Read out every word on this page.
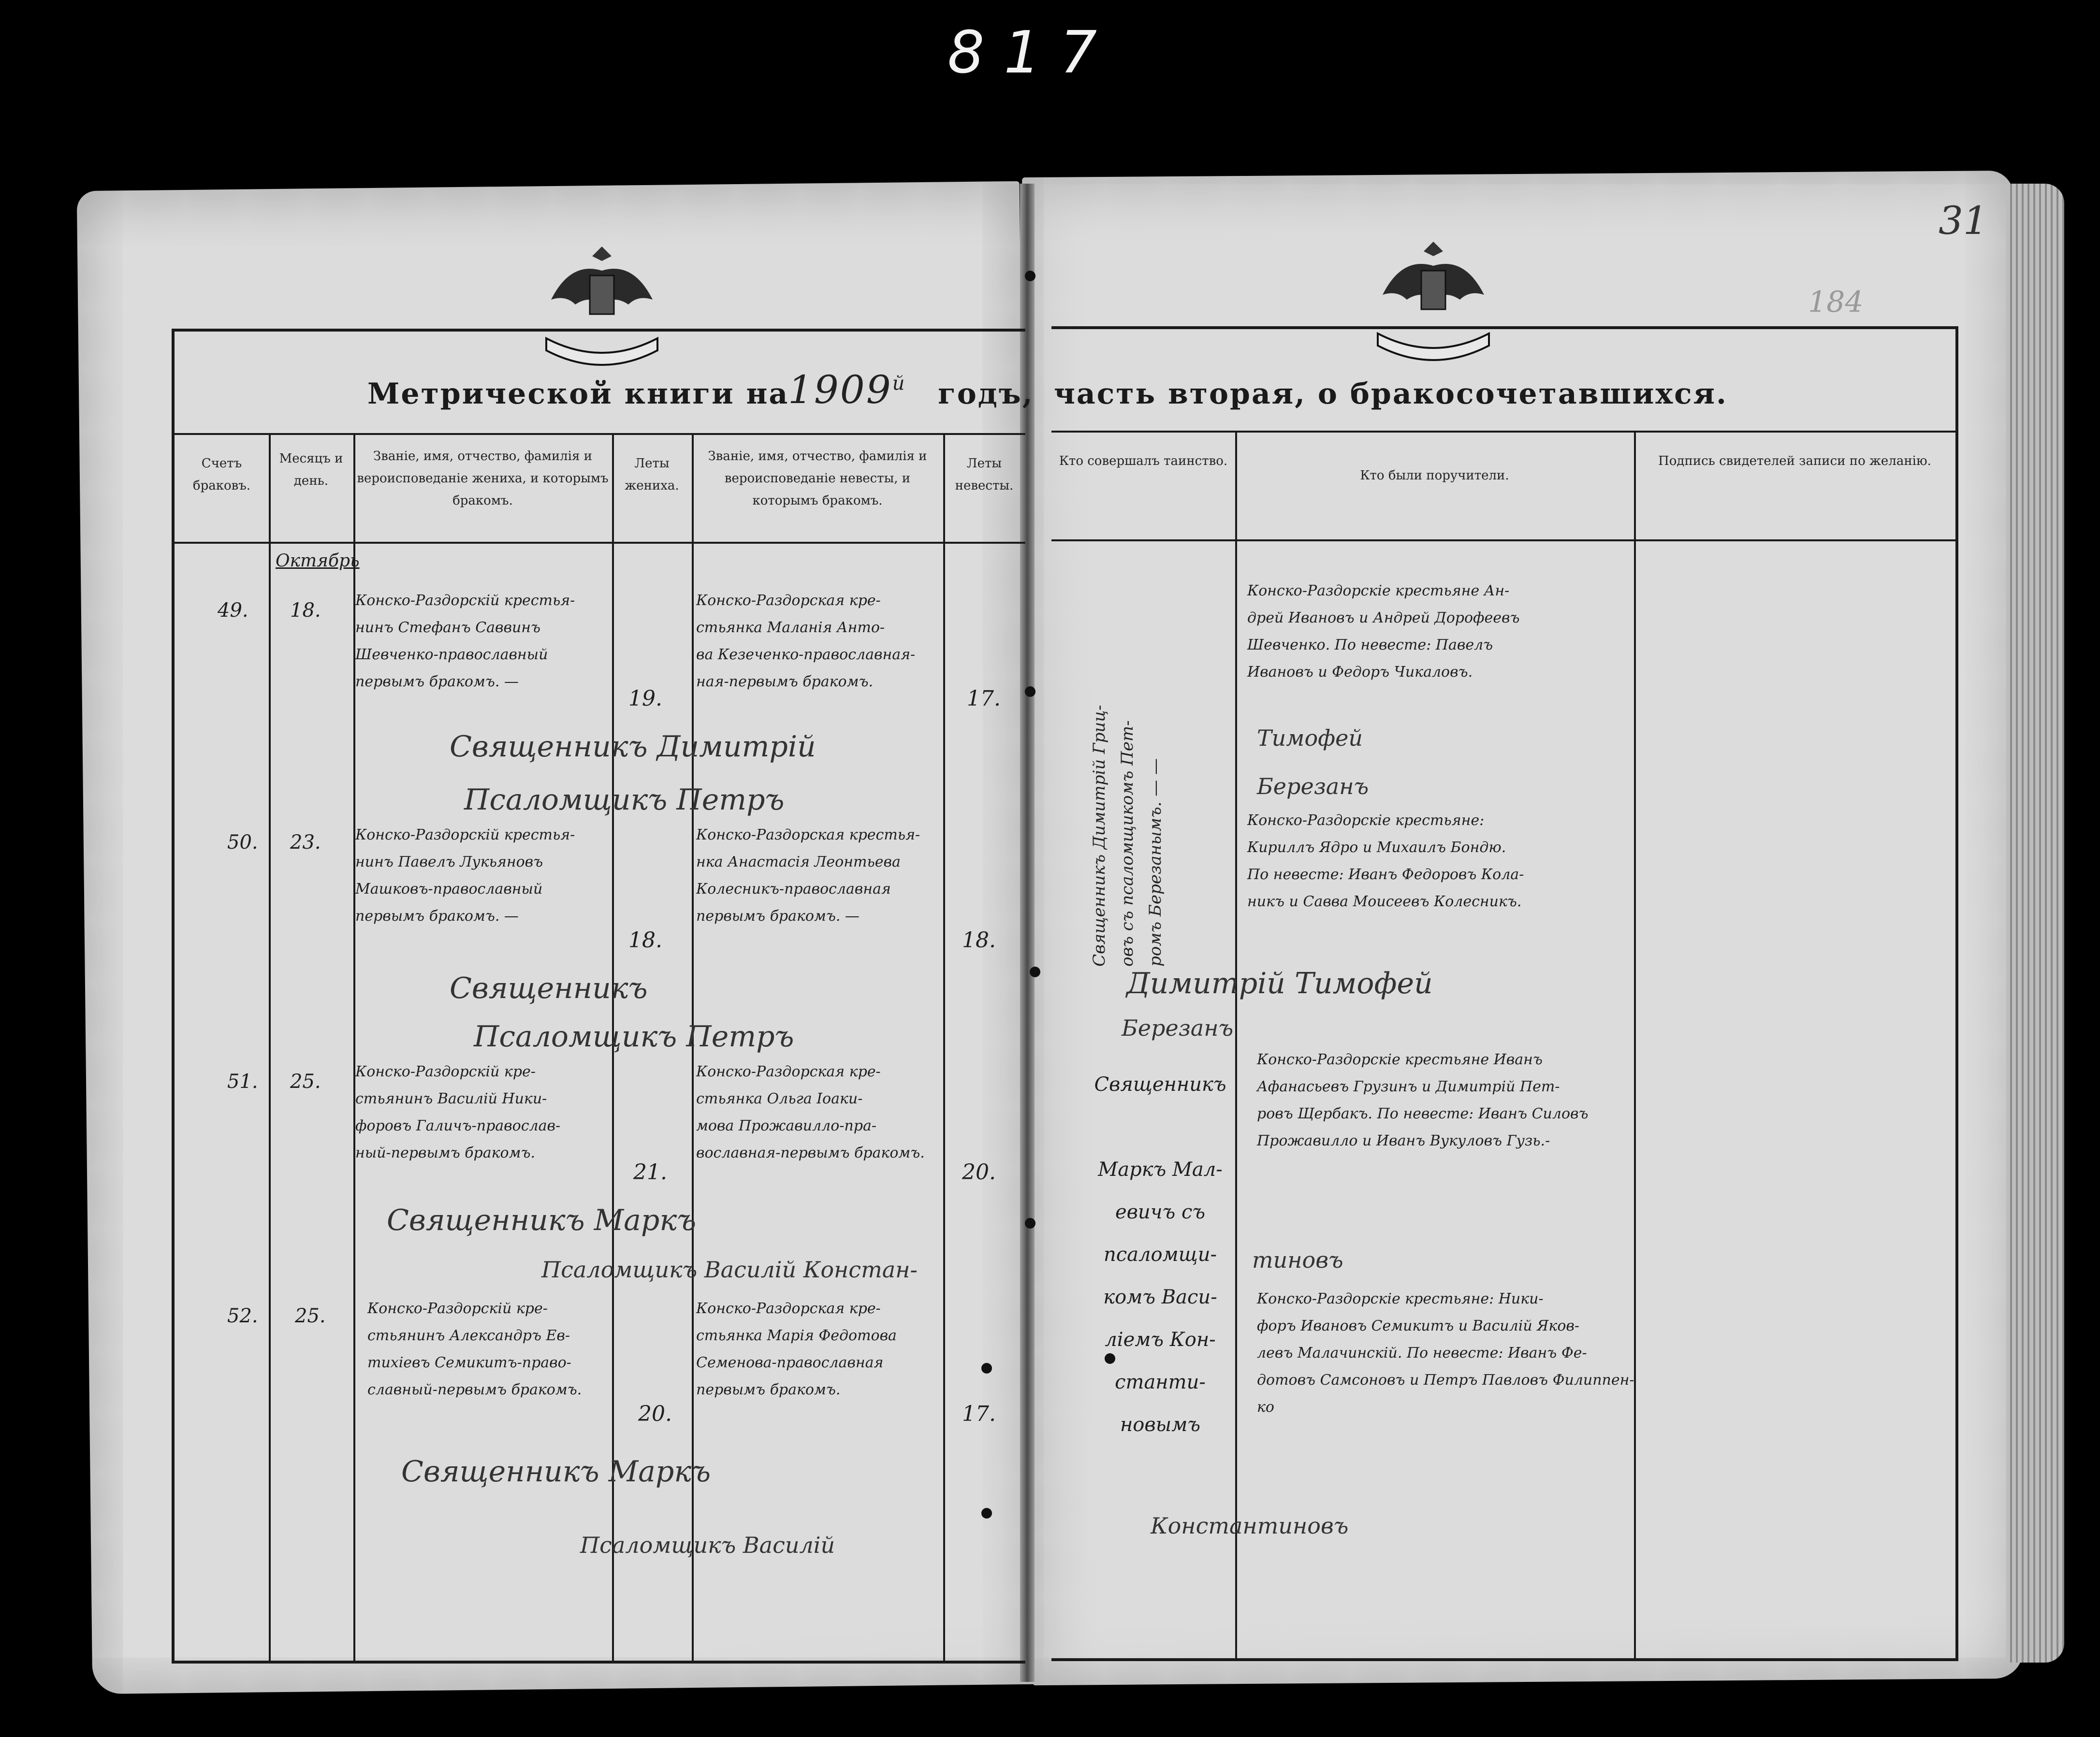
817
31
184
Счетъ браковъ.
Месяцъ и день.
Званіе, имя, отчество, фамилія и вероисповеданіе жениха, и которымъ бракомъ.
Леты жениха.
Званіе, имя, отчество, фамилія и вероисповеданіе невесты, и которымъ бракомъ.
Леты невесты.
Кто совершалъ таинство.
Кто были поручители.
Подпись свидетелей записи по желанію.
Метрической книги на
$1909^й$ годъ, часть вторая, о бракосочетавшихся.
Октябрь
49. 18. Конско-Раздорскій крестья-
нинъ Стефанъ Саввинъ
Шевченко-православный
первымъ бракомъ. —
19.
Конско-Раздорская кре-
стьянка Маланія Анто-
ва Кезеченко-православная-
ная-первымъ бракомъ.
17.
Конско-Раздорскіе крестьяне Ан-
дрей Ивановъ и Андрей Дорофеевъ
Шевченко. По невесте: Павелъ
Ивановъ и Федоръ Чикаловъ.
Священникъ Димитрій
Псаломщикъ Петръ
Тимофей
Березанъ
Священникъ Димитрій Гриц-
овъ съ псаломщикомъ Пет-
ромъ Березанымъ. — —
50. 23. Конско-Раздорскій крестья-
нинъ Павелъ Лукьяновъ
Машковъ-православный
первымъ бракомъ. —
18.
Конско-Раздорская крестья-
нка Анастасія Леонтьева
Колесникъ-православная
первымъ бракомъ. —
18.
Конско-Раздорскіе крестьяне:
Кириллъ Ядро и Михаилъ Бондю.
По невесте: Иванъ Федоровъ Кола-
никъ и Савва Моисеевъ Колесникъ.
Священникъ
Псаломщикъ Петръ
Димитрій Тимофей
Березанъ
51. 25. Конско-Раздорскій кре-
стьянинъ Василій Ники-
форовъ Галичъ-православ-
ный-первымъ бракомъ.
21.
Конско-Раздорская кре-
стьянка Ольга Іоаки-
мова Прожавилло-пра-
вославная-первымъ бракомъ.
20.
Священникъ

Маркъ Мал-
евичъ съ
псаломщи-
комъ Васи-
ліемъ Кон-
станти-
новымъ
Конско-Раздорскіе крестьяне Иванъ
Афанасьевъ Грузинъ и Димитрій Пет-
ровъ Щербакъ. По невесте: Иванъ Силовъ
Прожавилло и Иванъ Вукуловъ Гузь.-
Священникъ Маркъ
Псаломщикъ Василій Констан-	тиновъ
52. 25.	Конско-Раздорскій кре-
стьянинъ Александръ Ев-
тихіевъ Семикитъ-право-
славный-первымъ бракомъ.
20.
Конско-Раздорская кре-
стьянка Марія Федотова
Семенова-православная
первымъ бракомъ.
17.
Конско-Раздорскіе крестьяне: Ники-
форъ Ивановъ Семикитъ и Василій Яков-
левъ Малачинскій. По невесте: Иванъ Фе-
дотовъ Самсоновъ и Петръ Павловъ Филиппен-
ко
Священникъ Маркъ
Псаломщикъ Василій
Константиновъ
